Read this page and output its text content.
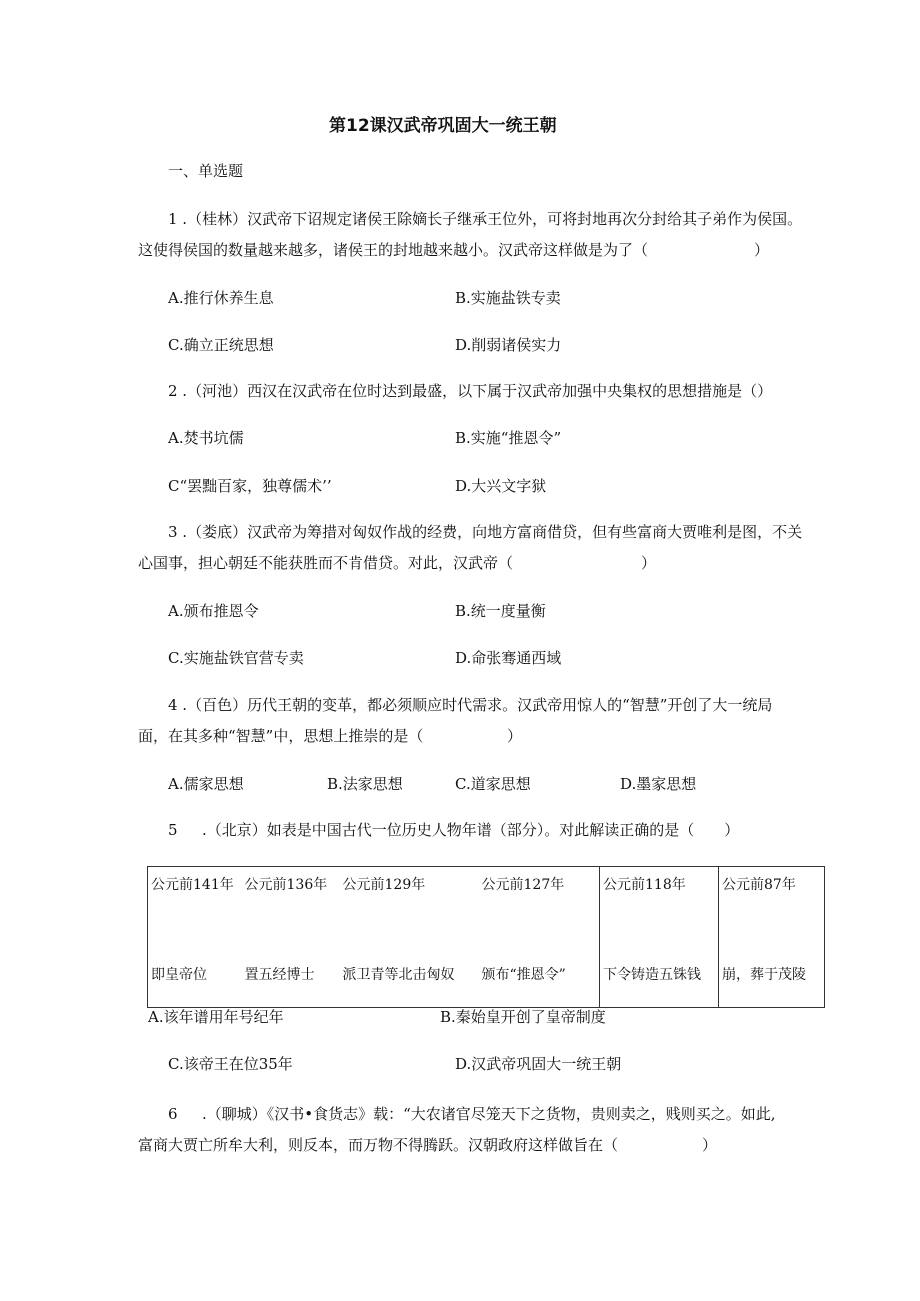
第12课汉武帝巩固大一统王朝
一、单选题
1 .（桂林）汉武帝下诏规定诸侯王除嫡长子继承王位外，可将封地再次分封给其子弟作为侯国。
这使得侯国的数量越来越多，诸侯王的封地越来越小。汉武帝这样做是为了（	）
A.推行休养生息	B.实施盐铁专卖
C.确立正统思想	D.削弱诸侯实力
2 .（河池）西汉在汉武帝在位时达到最盛，以下属于汉武帝加强中央集权的思想措施是（）
A.焚书坑儒	B.实施“推恩令”
C“罢黜百家，独尊儒术’’	D.大兴文字狱
3 .（娄底）汉武帝为筹措对匈奴作战的经费，向地方富商借贷，但有些富商大贾唯利是图，不关
心国事，担心朝廷不能获胜而不肯借贷。对此，汉武帝（	）
A.颁布推恩令	B.统一度量衡
C.实施盐铁官营专卖	D.命张骞通西域
4 .（百色）历代王朝的变革，都必须顺应时代需求。汉武帝用惊人的“智慧”开创了大一统局
面，在其多种“智慧”中，思想上推崇的是（	）
A.儒家思想	B.法家思想	C.道家思想	D.墨家思想
5 .（北京）如表是中国古代一位历史人物年谱（部分）。对此解读正确的是（　　）
公元前141年	公元前136年	公元前129年	公元前127年	公元前118年	公元前87年
即皇帝位	置五经博士	派卫青等北击匈奴	颁布“推恩令”	下令铸造五铢钱	崩，葬于茂陵
A.该年谱用年号纪年	B.秦始皇开创了皇帝制度
C.该帝王在位35年	D.汉武帝巩固大一统王朝
6 .（聊城）《汉书•食货志》载：“大农诸官尽笼天下之货物，贵则卖之，贱则买之。如此,
富商大贾亡所牟大利，则反本，而万物不得腾跃。汉朝政府这样做旨在（	）
